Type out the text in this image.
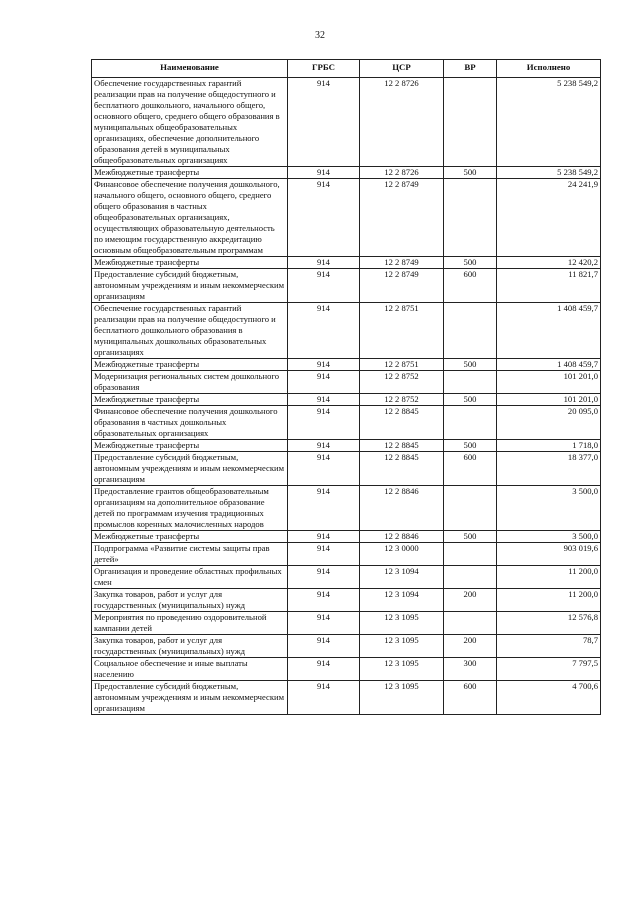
32
Наименование	ГРБС	ЦСР	ВР	Исполнено
Обеспечение государственных гарантий реализации прав на получение общедоступного и бесплатного дошкольного, начального общего, основного общего, среднего общего образования в муниципальных общеобразовательных организациях, обеспечение дополнительного образования детей в муниципальных общеобразовательных организациях	914	12 2 8726		5 238 549,2
Межбюджетные трансферты	914	12 2 8726	500	5 238 549,2
Финансовое обеспечение получения дошкольного, начального общего, основного общего, среднего общего образования в частных общеобразовательных организациях, осуществляющих образовательную деятельность по имеющим государственную аккредитацию основным общеобразовательным программам	914	12 2 8749		24 241,9
Межбюджетные трансферты	914	12 2 8749	500	12 420,2
Предоставление субсидий бюджетным, автономным учреждениям и иным некоммерческим организациям	914	12 2 8749	600	11 821,7
Обеспечение государственных гарантий реализации прав на получение общедоступного и бесплатного дошкольного образования в муниципальных дошкольных образовательных организациях	914	12 2 8751		1 408 459,7
Межбюджетные трансферты	914	12 2 8751	500	1 408 459,7
Модернизация региональных систем дошкольного образования	914	12 2 8752		101 201,0
Межбюджетные трансферты	914	12 2 8752	500	101 201,0
Финансовое обеспечение получения дошкольного образования в частных дошкольных образовательных организациях	914	12 2 8845		20 095,0
Межбюджетные трансферты	914	12 2 8845	500	1 718,0
Предоставление субсидий бюджетным, автономным учреждениям и иным некоммерческим организациям	914	12 2 8845	600	18 377,0
Предоставление грантов общеобразовательным организациям на дополнительное образование детей по программам изучения традиционных промыслов коренных малочисленных народов	914	12 2 8846		3 500,0
Межбюджетные трансферты	914	12 2 8846	500	3 500,0
Подпрограмма «Развитие системы защиты прав детей»	914	12 3 0000		903 019,6
Организация и проведение областных профильных смен	914	12 3 1094		11 200,0
Закупка товаров, работ и услуг для государственных (муниципальных) нужд	914	12 3 1094	200	11 200,0
Мероприятия по проведению оздоровительной кампании детей	914	12 3 1095		12 576,8
Закупка товаров, работ и услуг для государственных (муниципальных) нужд	914	12 3 1095	200	78,7
Социальное обеспечение и иные выплаты населению	914	12 3 1095	300	7 797,5
Предоставление субсидий бюджетным, автономным учреждениям и иным некоммерческим организациям	914	12 3 1095	600	4 700,6
